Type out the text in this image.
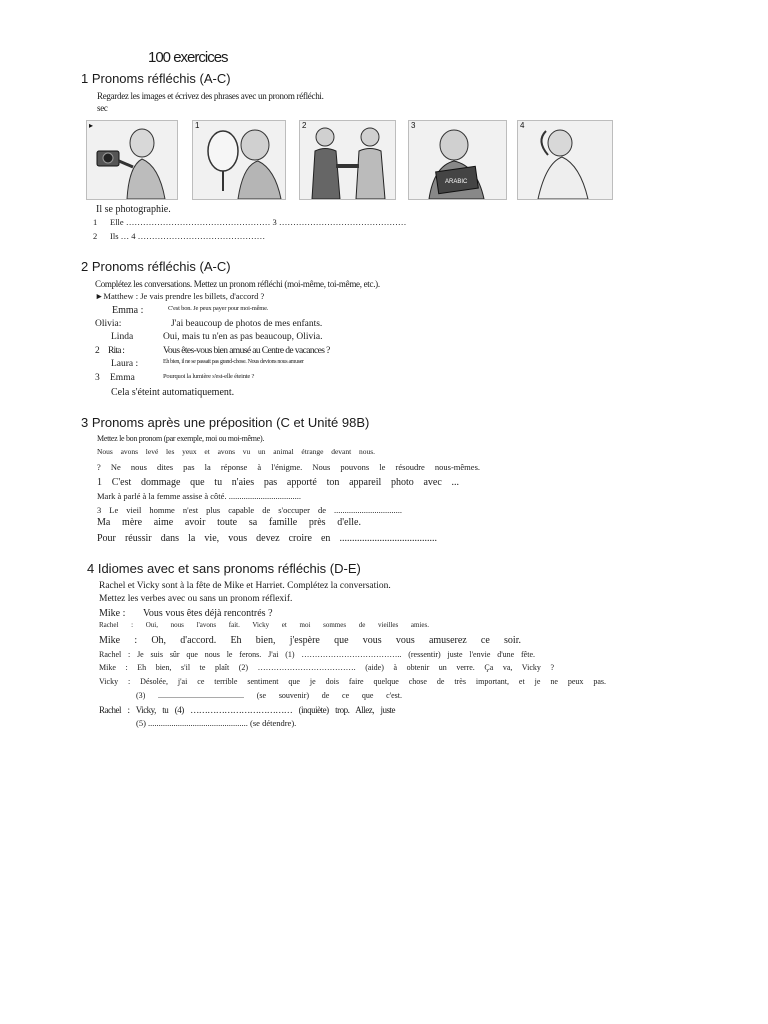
100 exercices
1 Pronoms réfléchis (A-C)
Regardez les images et écrivez des phrases avec un pronom réfléchi.
sec
▸	1	2	3
ARABIC
4
Il se photographie.
1 Elle …………………………………………… 3 ………………………………………
2 Ils … 4 ………………………………………
2 Pronoms réfléchis (A-C)
Complétez les conversations. Mettez un pronom réfléchi (moi-même, toi-même, etc.).
►Matthew : Je vais prendre les billets, d'accord ?
Emma :	C'est bon. Je peux payer pour moi-même.
Olivia:	J'ai beaucoup de photos de mes enfants.
Linda	Oui, mais tu n'en as pas beaucoup, Olivia.
2 Rita :	Vous êtes-vous bien amusé au Centre de vacances ?
Laura :	Eh bien, il ne se passait pas grand-chose. Nous devions nous amuser
3 Emma	Pourquoi la lumière s'est-elle éteinte ?
Cela s'éteint automatiquement.
3 Pronoms après une préposition (C et Unité 98B)
Mettez le bon pronom (par exemple, moi ou moi-même).
Nous avons levé les yeux et avons vu un animal étrange devant nous.
? Ne nous dites pas la réponse à l'énigme. Nous pouvons le résoudre nous-mêmes.
1 C'est dommage que tu n'aies pas apporté ton appareil photo avec ...
Mark à parlé à la femme assise à côté. ..................................
3 Le vieil homme n'est plus capable de s'occuper de ................................
Ma mère aime avoir toute sa famille près d'elle.
Pour réussir dans la vie, vous devez croire en .......................................
4 Idiomes avec et sans pronoms réfléchis (D-E)
Rachel et Vicky sont à la fête de Mike et Harriet. Complétez la conversation.
Mettez les verbes avec ou sans un pronom réflexif.
Mike : Vous vous êtes déjà rencontrés ?
Rachel : Oui, nous l'avons fait. Vicky et moi sommes de vieilles amies.
Mike : Oh, d'accord. Eh bien, j'espère que vous vous amuserez ce soir.
Rachel : Je suis sûr que nous le ferons. J'ai (1) ……………………………….. (ressentir) juste l'envie d'une fête.
Mike : Eh bien, s'il te plaît (2) ………………………………. (aide) à obtenir un verre. Ça va, Vicky ?
Vicky : Désolée, j'ai ce terrible sentiment que je dois faire quelque chose de très important, et je ne peux pas.
(3) ........................................... (se souvenir) de ce que c'est.
Rachel : Vicky, tu (4) ……………………………… (inquiète) trop. Allez, juste
(5) ............................................... (se détendre).
